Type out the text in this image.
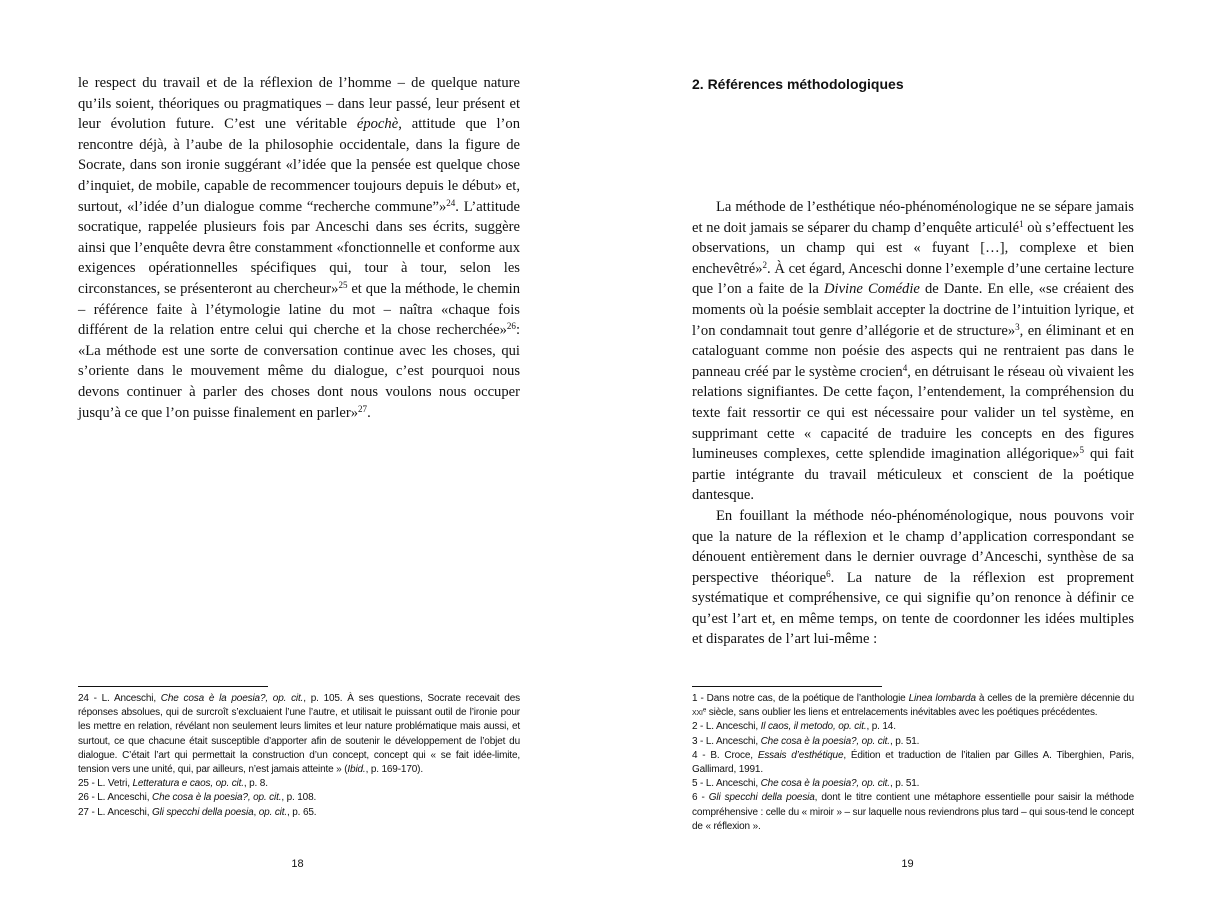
le respect du travail et de la réflexion de l’homme – de quelque nature qu’ils soient, théoriques ou pragmatiques – dans leur passé, leur présent et leur évolution future. C’est une véritable épochè, attitude que l’on rencontre déjà, à l’aube de la philosophie occidentale, dans la figure de Socrate, dans son ironie suggérant «l’idée que la pensée est quelque chose d’inquiet, de mobile, capable de recommencer toujours depuis le début» et, surtout, «l’idée d’un dialogue comme “recherche commune”»$^{24}$. L’attitude socratique, rappelée plusieurs fois par Anceschi dans ses écrits, suggère ainsi que l’enquête devra être constamment «fonctionnelle et conforme aux exigences opérationnelles spécifiques qui, tour à tour, selon les circonstances, se présenteront au chercheur»$^{25}$ et que la méthode, le chemin – référence faite à l’étymologie latine du mot – naîtra «chaque fois différent de la relation entre celui qui cherche et la chose recherchée»$^{26}$: «La méthode est une sorte de conversation continue avec les choses, qui s’oriente dans le mouvement même du dialogue, c’est pourquoi nous devons continuer à parler des choses dont nous voulons nous occuper jusqu’à ce que l’on puisse finalement en parler»$^{27}$.

24 - L. Anceschi, Che cosa è la poesia?, op. cit., p. 105. À ses questions, Socrate recevait des réponses absolues, qui de surcroît s’excluaient l’une l’autre, et utilisait le puissant outil de l’ironie pour les mettre en relation, révélant non seulement leurs limites et leur nature problématique mais aussi, et surtout, ce que chacune était susceptible d’apporter afin de soutenir le développement de l’objet du dialogue. C’était l’art qui permettait la construction d’un concept, concept qui « se fait idée-limite, tension vers une unité, qui, par ailleurs, n’est jamais atteinte » (Ibid., p. 169-170).

25 - L. Vetri, Letteratura e caos, op. cit., p. 8.

26 - L. Anceschi, Che cosa è la poesia?, op. cit., p. 108.

27 - L. Anceschi, Gli specchi della poesia, op. cit., p. 65.

18
2. Références méthodologiques

La méthode de l’esthétique néo-phénoménologique ne se sépare jamais et ne doit jamais se séparer du champ d’enquête articulé$^1$ où s’effectuent les observations, un champ qui est « fuyant […], complexe et bien enchevêtré»$^2$. À cet égard, Anceschi donne l’exemple d’une certaine lecture que l’on a faite de la Divine Comédie de Dante. En elle, «se créaient des moments où la poésie semblait accepter la doctrine de l’intuition lyrique, et l’on condamnait tout genre d’allégorie et de structure»$^3$, en éliminant et en cataloguant comme non poésie des aspects qui ne rentraient pas dans le panneau créé par le système crocien$^4$, en détruisant le réseau où vivaient les relations signifiantes. De cette façon, l’entendement, la compréhension du texte fait ressortir ce qui est nécessaire pour valider un tel système, en supprimant cette « capacité de traduire les concepts en des figures lumineuses complexes, cette splendide imagination allégorique»$^5$ qui fait partie intégrante du travail méticuleux et conscient de la poétique dantesque.

En fouillant la méthode néo-phénoménologique, nous pouvons voir que la nature de la réflexion et le champ d’application correspondant se dénouent entièrement dans le dernier ouvrage d’Anceschi, synthèse de sa perspective théorique$^6$. La nature de la réflexion est proprement systématique et compréhensive, ce qui signifie qu’on renonce à définir ce qu’est l’art et, en même temps, on tente de coordonner les idées multiples et disparates de l’art lui-même :

1 - Dans notre cas, de la poétique de l’anthologie Linea lombarda à celles de la première décennie du xxi$^e$ siècle, sans oublier les liens et entrelacements inévitables avec les poétiques précédentes.

2 - L. Anceschi, Il caos, il metodo, op. cit., p. 14.

3 - L. Anceschi, Che cosa è la poesia?, op. cit., p. 51.

4 - B. Croce, Essais d’esthétique, Édition et traduction de l’italien par Gilles A. Tiberghien, Paris, Gallimard, 1991.

5 - L. Anceschi, Che cosa è la poesia?, op. cit., p. 51.

6 - Gli specchi della poesia, dont le titre contient une métaphore essentielle pour saisir la méthode compréhensive : celle du « miroir » – sur laquelle nous reviendrons plus tard – qui sous-tend le concept de « réflexion ».

19
